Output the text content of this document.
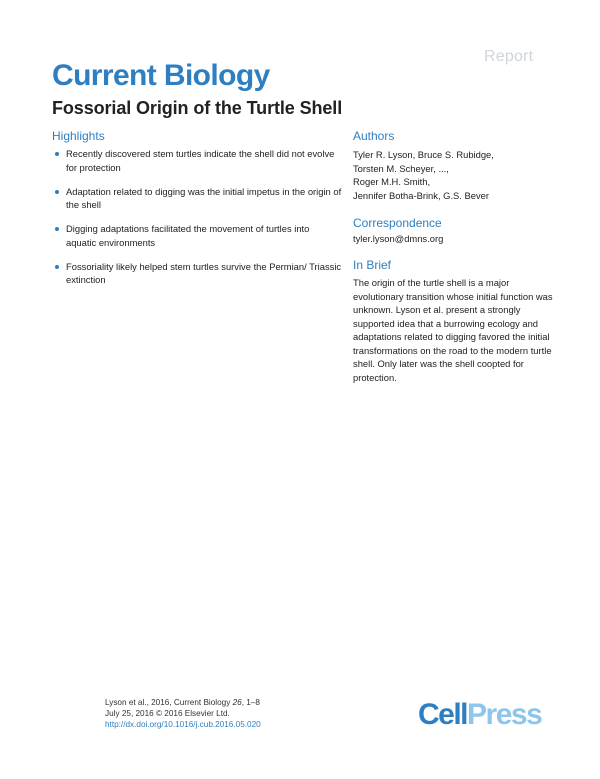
Report
Current Biology
Fossorial Origin of the Turtle Shell
Highlights
Recently discovered stem turtles indicate the shell did not evolve for protection
Adaptation related to digging was the initial impetus in the origin of the shell
Digging adaptations facilitated the movement of turtles into aquatic environments
Fossoriality likely helped stem turtles survive the Permian/ Triassic extinction
Authors
Tyler R. Lyson, Bruce S. Rubidge,
Torsten M. Scheyer, ...,
Roger M.H. Smith,
Jennifer Botha-Brink, G.S. Bever
Correspondence
tyler.lyson@dmns.org
In Brief
The origin of the turtle shell is a major evolutionary transition whose initial function was unknown. Lyson et al. present a strongly supported idea that a burrowing ecology and adaptations related to digging favored the initial transformations on the road to the modern turtle shell. Only later was the shell coopted for protection.
Lyson et al., 2016, Current Biology 26, 1–8
July 25, 2016 © 2016 Elsevier Ltd.
http://dx.doi.org/10.1016/j.cub.2016.05.020	CellPress
